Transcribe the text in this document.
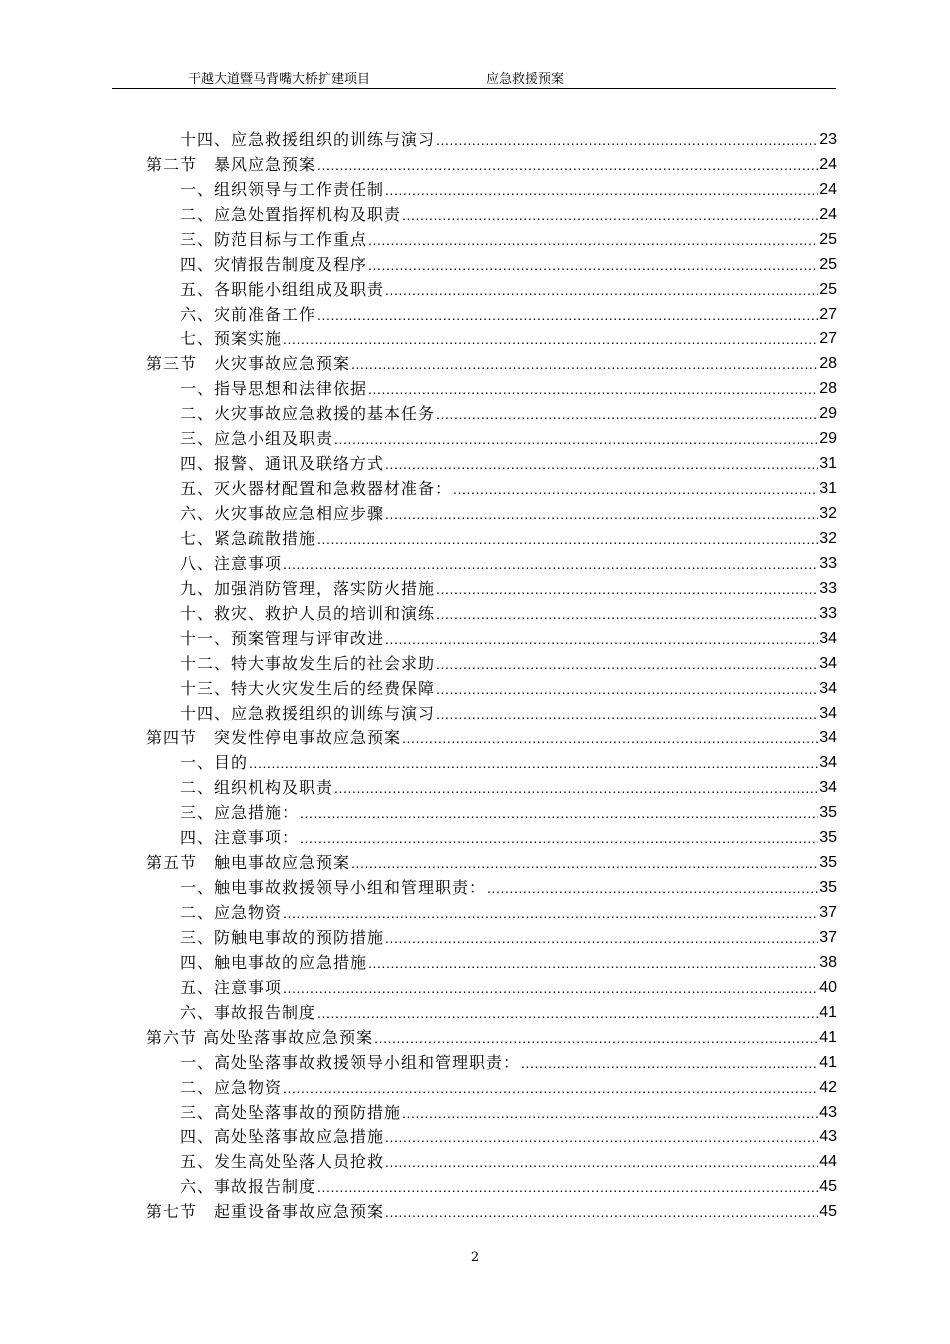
干越大道暨马背嘴大桥扩建项目	应急救援预案
十四、应急救援组织的训练与演习 .....	23
第二节　暴风应急预案 .....	24
一、组织领导与工作责任制 .....	24
二、应急处置指挥机构及职责 .....	24
三、防范目标与工作重点 .....	25
四、灾情报告制度及程序 .....	25
五、各职能小组组成及职责 .....	25
六、灾前准备工作 .....	27
七、预案实施 .....	27
第三节　火灾事故应急预案 .....	28
一、指导思想和法律依据 .....	28
二、火灾事故应急救援的基本任务 .....	29
三、应急小组及职责 .....	29
四、报警、通讯及联络方式 .....	31
五、灭火器材配置和急救器材准备： .....	31
六、火灾事故应急相应步骤 .....	32
七、紧急疏散措施 .....	32
八、注意事项 .....	33
九、加强消防管理，落实防火措施 .....	33
十、救灾、救护人员的培训和演练 .....	33
十一、预案管理与评审改进 .....	34
十二、特大事故发生后的社会求助 .....	34
十三、特大火灾发生后的经费保障 .....	34
十四、应急救援组织的训练与演习 .....	34
第四节　突发性停电事故应急预案 .....	34
一、目的 .....	34
二、组织机构及职责 .....	34
三、应急措施： .....	35
四、注意事项： .....	35
第五节　触电事故应急预案 .....	35
一、触电事故救援领导小组和管理职责： .....	35
二、应急物资 .....	37
三、防触电事故的预防措施 .....	37
四、触电事故的应急措施 .....	38
五、注意事项 .....	40
六、事故报告制度 .....	41
第六节 高处坠落事故应急预案 .....	41
一、高处坠落事故救援领导小组和管理职责： .....	41
二、应急物资 .....	42
三、高处坠落事故的预防措施 .....	43
四、高处坠落事故应急措施 .....	43
五、发生高处坠落人员抢救 .....	44
六、事故报告制度 .....	45
第七节　起重设备事故应急预案 .....	45
2
